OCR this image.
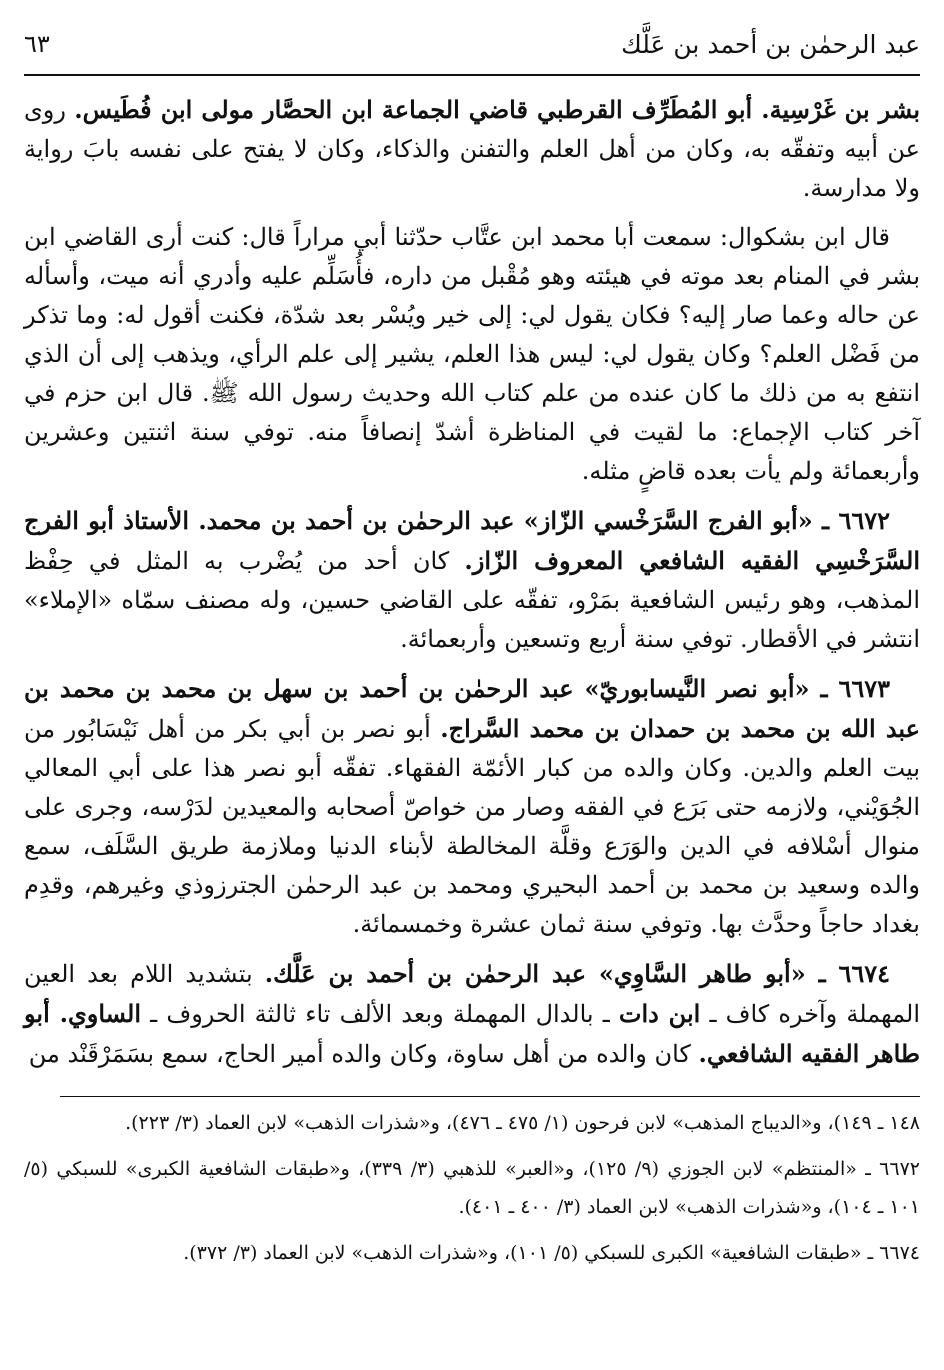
٦٣	عبد الرحمٰن بن أحمد بن عَلَّك

بشر بن غَرْسِية. أبو المُطَرِّف القرطبي قاضي الجماعة ابن الحصَّار مولى ابن فُطَيس. روى عن أبيه وتفقّه به، وكان من أهل العلم والتفنن والذكاء، وكان لا يفتح على نفسه بابَ رواية ولا مدارسة.

قال ابن بشكوال: سمعت أبا محمد ابن عتَّاب حدّثنا أبي مراراً قال: كنت أرى القاضي ابن بشر في المنام بعد موته في هيئته وهو مُقْبل من داره، فأُسَلِّم عليه وأدري أنه ميت، وأسأله عن حاله وعما صار إليه؟ فكان يقول لي: إلى خير ويُسْر بعد شدّة، فكنت أقول له: وما تذكر من فَضْل العلم؟ وكان يقول لي: ليس هذا العلم، يشير إلى علم الرأي، ويذهب إلى أن الذي انتفع به من ذلك ما كان عنده من علم كتاب الله وحديث رسول الله ﷺ. قال ابن حزم في آخر كتاب الإجماع: ما لقيت في المناظرة أشدّ إنصافاً منه. توفي سنة اثنتين وعشرين وأربعمائة ولم يأت بعده قاضٍ مثله.

٦٦٧٢ ـ «أبو الفرج السَّرَخْسي الزّاز» عبد الرحمٰن بن أحمد بن محمد. الأستاذ أبو الفرج السَّرَخْسِي الفقيه الشافعي المعروف الزّاز. كان أحد من يُضْرب به المثل في حِفْظ المذهب، وهو رئيس الشافعية بمَرْو، تفقّه على القاضي حسين، وله مصنف سمّاه «الإملاء» انتشر في الأقطار. توفي سنة أربع وتسعين وأربعمائة.

٦٦٧٣ ـ «أبو نصر النَّيسابوريّ» عبد الرحمٰن بن أحمد بن سهل بن محمد بن محمد بن عبد الله بن محمد بن حمدان بن محمد السَّراج. أبو نصر بن أبي بكر من أهل نَيْسَابُور من بيت العلم والدين. وكان والده من كبار الأئمّة الفقهاء. تفقّه أبو نصر هذا على أبي المعالي الجُوَيْني، ولازمه حتى بَرَع في الفقه وصار من خواصّ أصحابه والمعيدين لدَرْسه، وجرى على منوال أسْلافه في الدين والوَرَع وقلَّة المخالطة لأبناء الدنيا وملازمة طريق السَّلَف، سمع والده وسعيد بن محمد بن أحمد البحيري ومحمد بن عبد الرحمٰن الجترزوذي وغيرهم، وقدِم بغداد حاجاً وحدَّث بها. وتوفي سنة ثمان عشرة وخمسمائة.

٦٦٧٤ ـ «أبو طاهر السَّاوِي» عبد الرحمٰن بن أحمد بن عَلَّك. بتشديد اللام بعد العين المهملة وآخره كاف ـ ابن دات ـ بالدال المهملة وبعد الألف تاء ثالثة الحروف ـ الساوي. أبو طاهر الفقيه الشافعي. كان والده من أهل ساوة، وكان والده أمير الحاج، سمع بسَمَرْقَنْد من

١٤٨ ـ ١٤٩)، و«الديباج المذهب» لابن فرحون (١/ ٤٧٥ ـ ٤٧٦)، و«شذرات الذهب» لابن العماد (٣/ ٢٢٣).

٦٦٧٢ ـ «المنتظم» لابن الجوزي (٩/ ١٢٥)، و«العبر» للذهبي (٣/ ٣٣٩)، و«طبقات الشافعية الكبرى» للسبكي (٥/ ١٠١ ـ ١٠٤)، و«شذرات الذهب» لابن العماد (٣/ ٤٠٠ ـ ٤٠١).

٦٦٧٤ ـ «طبقات الشافعية» الكبرى للسبكي (٥/ ١٠١)، و«شذرات الذهب» لابن العماد (٣/ ٣٧٢).
